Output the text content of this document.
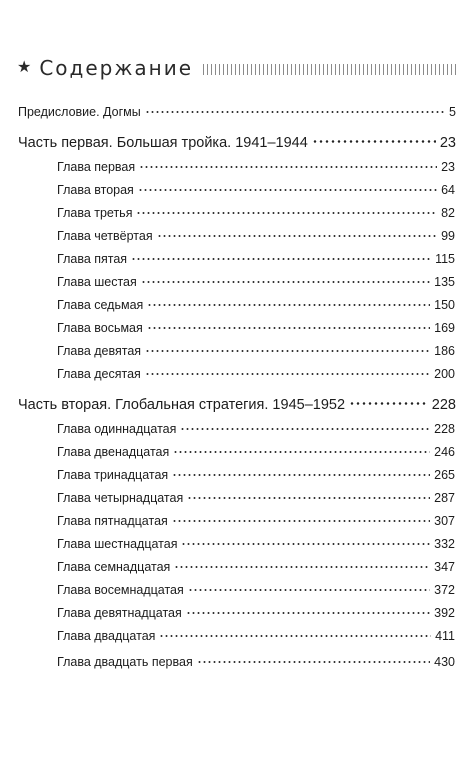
★ Содержание
Предисловие. Догмы	5
Часть первая. Большая тройка. 1941–1944	23
Глава первая	23
Глава вторая	64
Глава третья	82
Глава четвёртая	99
Глава пятая	115
Глава шестая	135
Глава седьмая	150
Глава восьмая	169
Глава девятая	186
Глава десятая	200
Часть вторая. Глобальная стратегия. 1945–1952	228
Глава одиннадцатая	228
Глава двенадцатая	246
Глава тринадцатая	265
Глава четырнадцатая	287
Глава пятнадцатая	307
Глава шестнадцатая	332
Глава семнадцатая	347
Глава восемнадцатая	372
Глава девятнадцатая	392
Глава двадцатая	411
Глава двадцать первая	430
